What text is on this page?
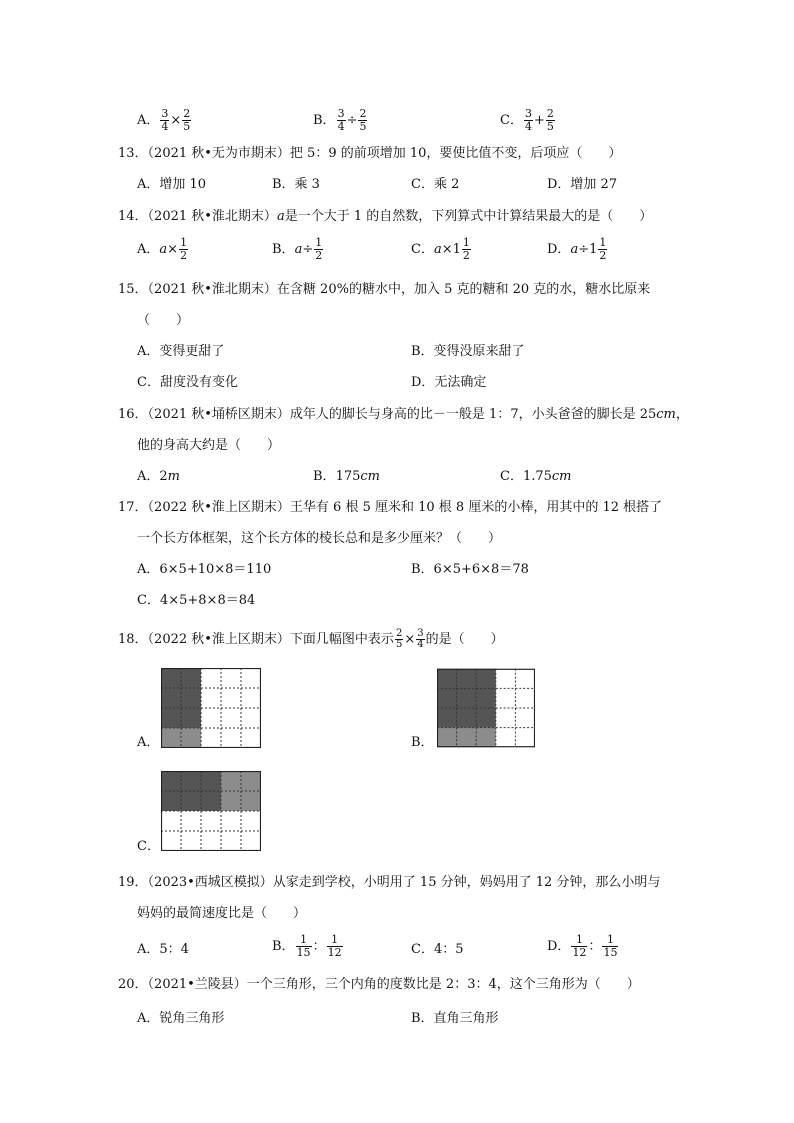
A． $\frac{3}{4} \times \frac{2}{5}$	B． $\frac{3}{4} \div \frac{2}{5}$	C． $\frac{3}{4} + \frac{2}{5}$
13．（2021 秋•无为市期末）把 5：9 的前项增加 10，要使比值不变，后项应（　　）
A．增加 10	B．乘 3	C．乘 2	D．增加 27
14．（2021 秋•淮北期末）a是一个大于 1 的自然数，下列算式中计算结果最大的是（　　）
A．$a\times \frac{1}{2}$	B．$a\div \frac{1}{2}$	C．$a\times 1 \frac{1}{2}$	D．$a\div 1 \frac{1}{2}$
15．（2021 秋•淮北期末）在含糖 20%的糖水中，加入 5 克的糖和 20 克的水，糖水比原来
（　　）
A．变得更甜了	B．变得没原来甜了
C．甜度没有变化	D．无法确定
16．（2021 秋•埇桥区期末）成年人的脚长与身高的比－一般是 1：7，小头爸爸的脚长是 25cm，
他的身高大约是（　　）
A．2m	B．175cm	C．1.75cm
17．（2022 秋•淮上区期末）王华有 6 根 5 厘米和 10 根 8 厘米的小棒，用其中的 12 根搭了
一个长方体框架，这个长方体的棱长总和是多少厘米？（　　）
A．6×5+10×8＝110	B．6×5+6×8＝78
C．4×5+8×8＝84
18．（2022 秋•淮上区期末）下面几幅图中表示 $\frac{2}{5} \times \frac{3}{4}$ 的是（　　）
A．	B．
C．
19．（2023•西城区模拟）从家走到学校，小明用了 15 分钟，妈妈用了 12 分钟，那么小明与
妈妈的最简速度比是（　　）
A．5：4	B． $\frac{1}{15}$ ： $\frac{1}{12}$	C．4：5	D． $\frac{1}{12}$ ： $\frac{1}{15}$
20．（2021•兰陵县）一个三角形，三个内角的度数比是 2：3：4，这个三角形为（　　）
A．锐角三角形	B．直角三角形
